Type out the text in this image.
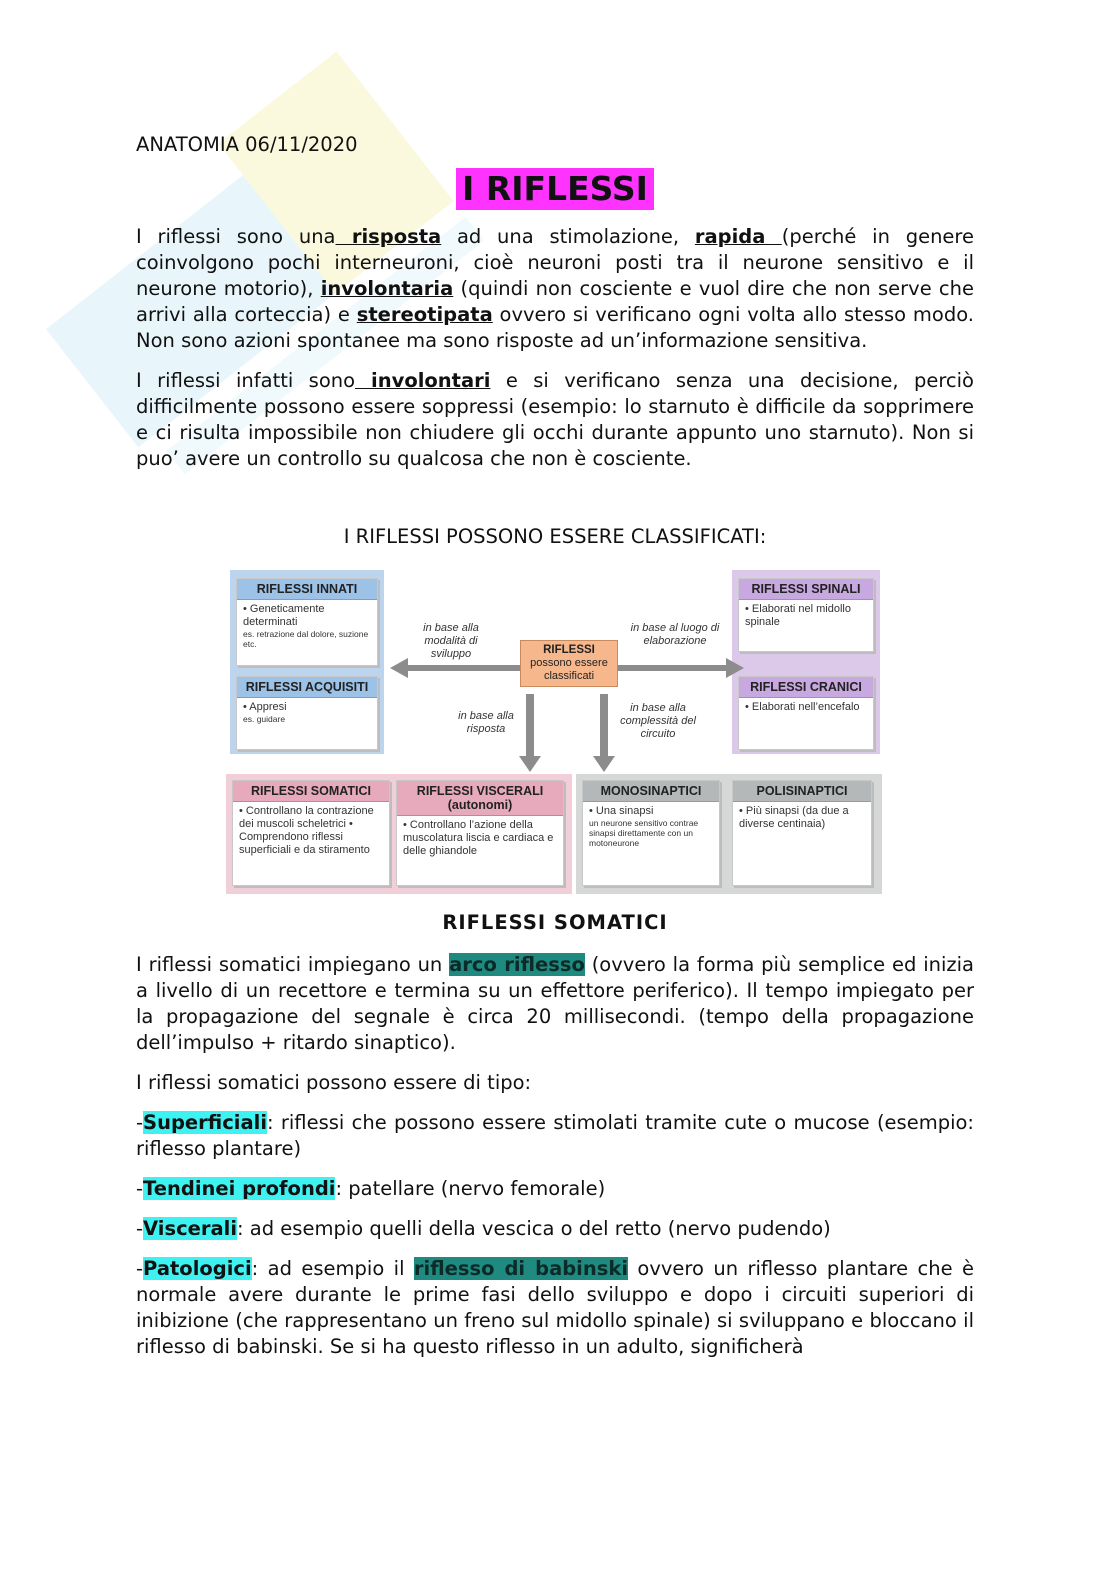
ANATOMIA 06/11/2020
I RIFLESSI

I riflessi sono una risposta ad una stimolazione, rapida (perché in genere coinvolgono pochi interneuroni, cioè neuroni posti tra il neurone sensitivo e il neurone motorio), involontaria (quindi non cosciente e vuol dire che non serve che arrivi alla corteccia) e stereotipata ovvero si verificano ogni volta allo stesso modo. Non sono azioni spontanee ma sono risposte ad un’informazione sensitiva.

I riflessi infatti sono involontari e si verificano senza una decisione, perciò difficilmente possono essere soppressi (esempio: lo starnuto è difficile da sopprimere e ci risulta impossibile non chiudere gli occhi durante appunto uno starnuto). Non si puo’ avere un controllo su qualcosa che non è cosciente.

I RIFLESSI POSSONO ESSERE CLASSIFICATI:
RIFLESSI INNATI
• Geneticamente determinati
es. retrazione dal dolore, suzione etc.
RIFLESSI ACQUISITI
• Appresi
es. guidare
RIFLESSI SPINALI
• Elaborati nel midollo spinale
RIFLESSI CRANICI
• Elaborati nell’encefalo
RIFLESSI
possono essere classificati
in base alla modalità di sviluppo
in base al luogo di elaborazione
in base alla risposta
in base alla complessità del circuito
RIFLESSI SOMATICI
• Controllano la contrazione dei muscoli scheletrici • Comprendono riflessi superficiali e da stiramento
RIFLESSI VISCERALI (autonomi)
• Controllano l’azione della muscolatura liscia e cardiaca e delle ghiandole
MONOSINAPTICI
• Una sinapsi
un neurone sensitivo contrae sinapsi direttamente con un motoneurone
POLISINAPTICI
• Più sinapsi (da due a diverse centinaia)
RIFLESSI SOMATICI

I riflessi somatici impiegano un arco riflesso (ovvero la forma più semplice ed inizia a livello di un recettore e termina su un effettore periferico). Il tempo impiegato per la propagazione del segnale è circa 20 millisecondi. (tempo della propagazione dell’impulso + ritardo sinaptico).

I riflessi somatici possono essere di tipo:

-Superficiali: riflessi che possono essere stimolati tramite cute o mucose (esempio: riflesso plantare)

-Tendinei profondi: patellare (nervo femorale)

-Viscerali: ad esempio quelli della vescica o del retto (nervo pudendo)

-Patologici: ad esempio il riflesso di babinski ovvero un riflesso plantare che è normale avere durante le prime fasi dello sviluppo e dopo i circuiti superiori di inibizione (che rappresentano un freno sul midollo spinale) si sviluppano e bloccano il riflesso di babinski. Se si ha questo riflesso in un adulto, significherà
